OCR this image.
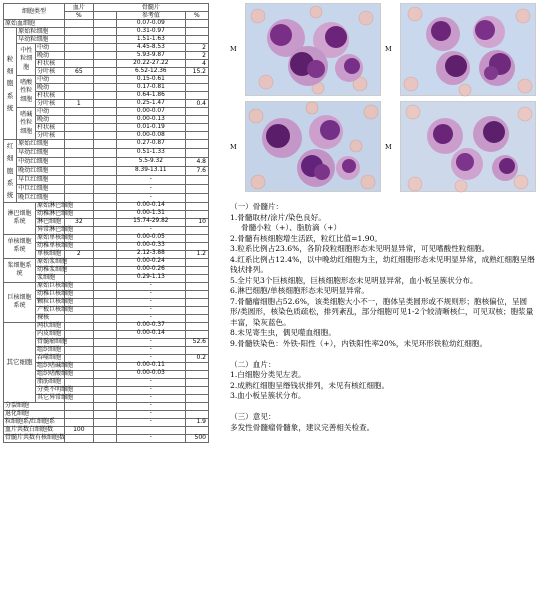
细胞类型			血片	骨髓片		
			%		参考值	%
原始血细胞					0.07-0.09	
粒细胞系统	原始粒细胞				0.31-0.97	
	早幼粒细胞				1.51-1.63	
	中性粒细胞	中幼			4.45-8.53	2
		晚幼			5.93-9.87	2
		杆状核			20.22-27.22	4
		分叶核	65		6.52-12.36	15.2
	嗜酸性粒细胞	中幼			0.15-0.61	
		晚幼			0.17-0.81	
		杆状核			0.64-1.86	
		分叶核	1		0.25-1.47	0.4
	嗜碱性粒细胞	中幼			0.00-0.07	
		晚幼			0.00-0.13	
		杆状核			0.01-0.19	
		分叶核			0.00-0.08	
红细胞系统	原始红细胞				0.27-0.87	
	早幼红细胞				0.51-1.33	
	中幼红细胞				5.5-9.32	4.8
	晚幼红细胞				8.39-13.11	7.6
	早巨红细胞				-	
	中巨红细胞				-	
	晚巨红细胞				-	
淋巴细胞系统		原始淋巴细胞			0.00-0.14	
		幼稚淋巴细胞			0.00-1.31	
		淋巴细胞	32		15.74-29.82	10
		异常淋巴细胞			-	
单核细胞系统		原始单核细胞			0.00-0.05	
		幼稚单核细胞			0.00-0.33	
		单核细胞	2		2.12-3.88	1.2
浆细胞系统		原始浆细胞			0.00-0.24	
		幼稚浆细胞			0.00-0.26	
		浆细胞			0.29-1.13	
巨核细胞系统		原始巨核细胞			-	
		幼稚巨核细胞			-	
		颗粒巨核细胞			-	
		产板巨核细胞			-	
		裸核			-	
其它细胞		网状细胞			0.00-0.37	
		内皮细胞			0.00-0.14	
		骨髓瘤细胞			-	52.6
		组织细胞			-	
		吞噬细胞			-	0.2
		组织嗜碱细胞			0.00-0.11	
		组织嗜酸细胞			0.00-0.03	
		脂肪细胞			-	
		分类不明细胞			-	
		其它异常细胞			-	
分裂细胞					-	
退化细胞					-	
粒细胞系/红细胞系					-	1.9
血片共数白细胞数			100			
骨髓片共数有核细胞数					-	500
M	M
M	M

（一）骨髓片：

1.骨髓取材/涂片/染色良好。

骨髓小粒（+）、脂肪滴（+）

2.骨髓有核细胞增生活跃，粒红比值=1.90。

3.粒系比例占23.6%，各阶段粒细胞形态未见明显异常，可见嗜酸性粒细胞。

4.红系比例占12.4%，以中晚幼红细胞为主，幼红细胞形态未见明显异常，成熟红细胞呈缗钱状排列。

5.全片见3个巨核细胞，巨核细胞形态未见明显异常，血小板呈簇状分布。

6.淋巴细胞/单核细胞形态未见明显异常。

7.骨髓瘤细胞占52.6%，该类细胞大小不一，胞体呈类圆形或不规则形；胞核偏位，呈圆形/类圆形，核染色质疏松，排列紊乱，部分细胞可见1-2个较清晰核仁，可见双核；胞浆量丰富，染灰蓝色。

8.未见寄生虫，偶见噬血细胞。

9.骨髓铁染色：外铁-阳性（+），内铁阳性率20%，未见环形铁粒幼红细胞。

（二）血片：

1.白细胞分类见左表。

2.成熟红细胞呈缗钱状排列，未见有核红细胞。

3.血小板呈簇状分布。

（三）意见：

多发性骨髓瘤骨髓象，建议完善相关检查。
